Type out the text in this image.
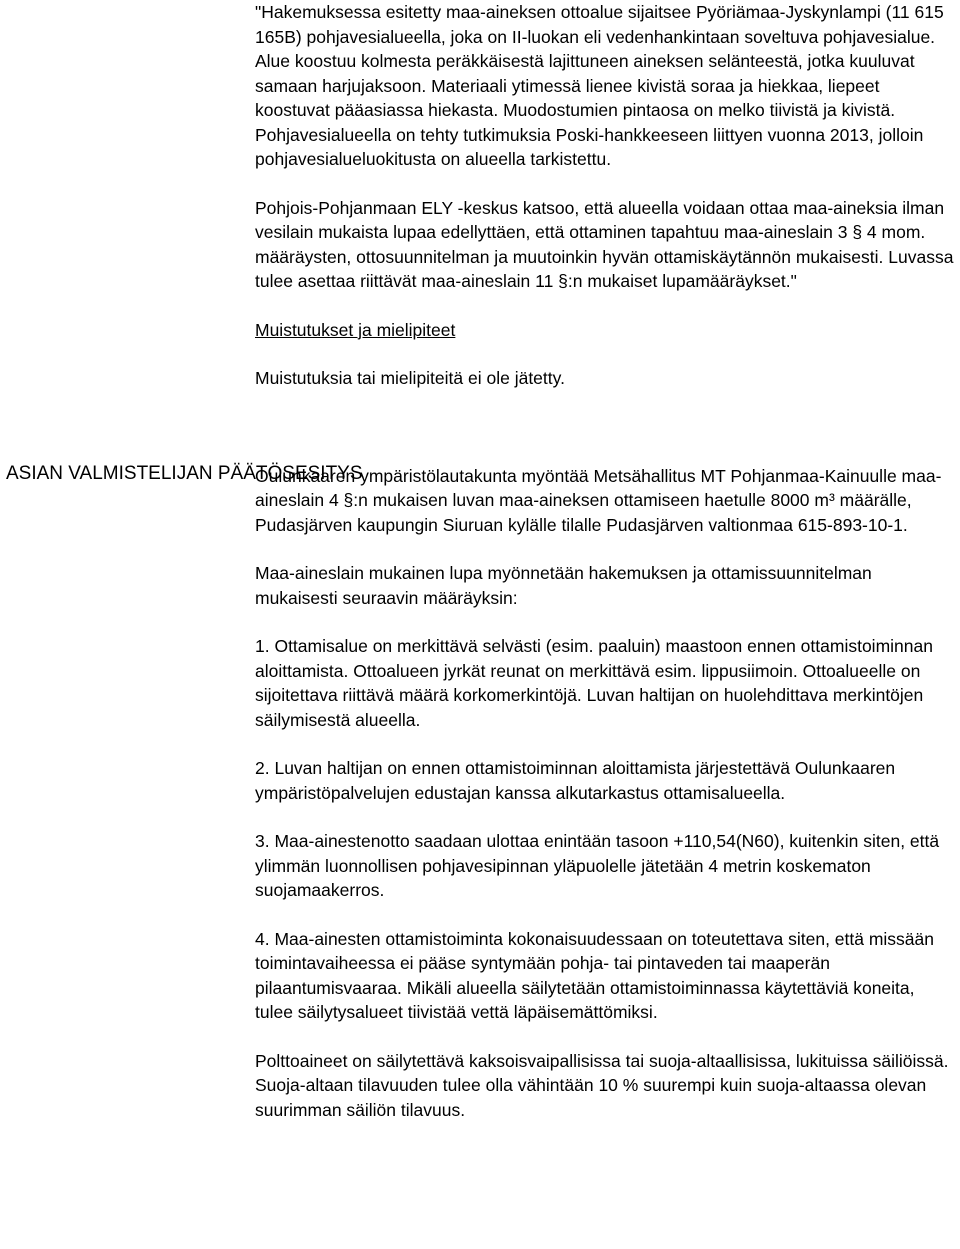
ASIAN VALMISTELIJAN PÄÄTÖSESITYS

"Hakemuksessa esitetty maa-aineksen ottoalue sijaitsee Pyöriämaa-Jyskynlampi (11 615 165B) pohjavesialueella, joka on II-luokan eli vedenhankintaan soveltuva pohjavesialue. Alue koostuu kolmesta peräkkäisestä lajittuneen aineksen selänteestä, jotka kuuluvat samaan harjujaksoon. Materiaali ytimessä lienee kivistä soraa ja hiekkaa, liepeet koostuvat pääasiassa hiekasta. Muodostumien pintaosa on melko tiivistä ja kivistä. Pohjavesialueella on tehty tutkimuksia Poski-hankkeeseen liittyen vuonna 2013, jolloin pohjavesialueluokitusta on alueella tarkistettu.

Pohjois-Pohjanmaan ELY -keskus katsoo, että alueella voidaan ottaa maa-aineksia ilman vesilain mukaista lupaa edellyttäen, että ottaminen tapahtuu maa-aineslain 3 § 4 mom. määräysten, ottosuunnitelman ja muutoinkin hyvän ottamiskäytännön mukaisesti. Luvassa tulee asettaa riittävät maa-aineslain 11 §:n mukaiset lupamääräykset."

Muistutukset ja mielipiteet

Muistutuksia tai mielipiteitä ei ole jätetty.

Oulunkaaren ympäristölautakunta myöntää Metsähallitus MT Pohjanmaa-Kainuulle maa-aineslain 4 §:n mukaisen luvan maa-aineksen ottamiseen haetulle 8000 m³ määrälle, Pudasjärven kaupungin Siuruan kylälle tilalle Pudasjärven valtionmaa 615-893-10-1.

Maa-aineslain mukainen lupa myönnetään hakemuksen ja ottamissuunnitelman mukaisesti seuraavin määräyksin:

1. Ottamisalue on merkittävä selvästi (esim. paaluin) maastoon ennen ottamistoiminnan aloittamista. Ottoalueen jyrkät reunat on merkittävä esim. lippusiimoin. Ottoalueelle on sijoitettava riittävä määrä korkomerkintöjä. Luvan haltijan on huolehdittava merkintöjen säilymisestä alueella.

2. Luvan haltijan on ennen ottamistoiminnan aloittamista järjestettävä Oulunkaaren ympäristöpalvelujen edustajan kanssa alkutarkastus ottamisalueella.

3. Maa-ainestenotto saadaan ulottaa enintään tasoon +110,54(N60), kuitenkin siten, että ylimmän luonnollisen pohjavesipinnan yläpuolelle jätetään 4 metrin koskematon suojamaakerros.

4. Maa-ainesten ottamistoiminta kokonaisuudessaan on toteutettava siten, että missään toimintavaiheessa ei pääse syntymään pohja- tai pintaveden tai maaperän pilaantumisvaaraa. Mikäli alueella säilytetään ottamistoiminnassa käytettäviä koneita, tulee säilytysalueet tiivistää vettä läpäisemättömiksi.

Polttoaineet on säilytettävä kaksoisvaipallisissa tai suoja-altaallisissa, lukituissa säiliöissä. Suoja-altaan tilavuuden tulee olla vähintään 10 % suurempi kuin suoja-altaassa olevan suurimman säiliön tilavuus.
